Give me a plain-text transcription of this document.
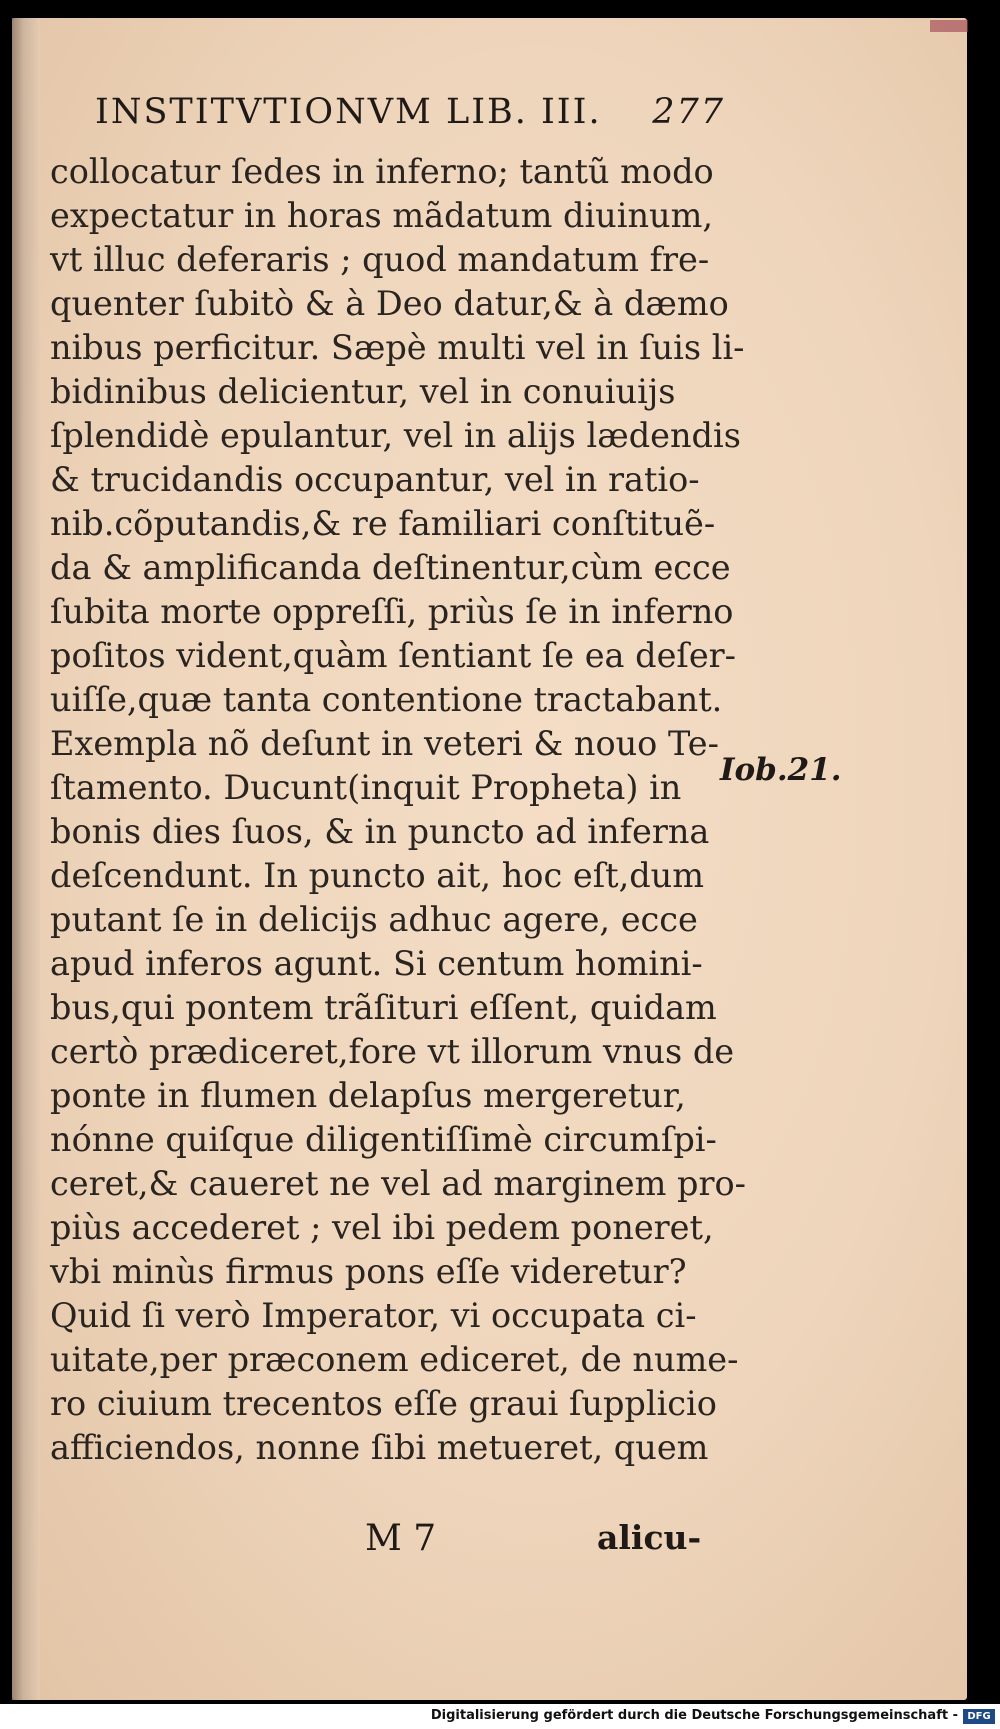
INSTITVTIONVM LIB. III. 277
collocatur ſedes in inferno; tantũ modo
expectatur in horas mãdatum diuinum,
vt illuc deferaris ; quod mandatum fre-
quenter ſubitò & à Deo datur,& à dæmo
nibus perficitur. Sæpè multi vel in ſuis li-
bidinibus delicientur, vel in conuiuijs
ſplendidè epulantur, vel in alijs lædendis
& trucidandis occupantur, vel in ratio-
nib.cõputandis,& re familiari conſtituẽ-
da & amplificanda deſtinentur,cùm ecce
ſubita morte oppreſſi, priùs ſe in inferno
poſitos vident,quàm ſentiant ſe ea deſer-
uiſſe,quæ tanta contentione tractabant.
Exempla nõ deſunt in veteri & nouo Te-
ſtamento. Ducunt(inquit Propheta) in
bonis dies ſuos, & in puncto ad inferna
deſcendunt. In puncto ait, hoc eſt,dum
putant ſe in delicijs adhuc agere, ecce
apud inferos agunt. Si centum homini-
bus,qui pontem trãſituri eſſent, quidam
certò prædiceret,fore vt illorum vnus de
ponte in flumen delapſus mergeretur,
nónne quiſque diligentiſſimè circumſpi-
ceret,& caueret ne vel ad marginem pro-
piùs accederet ; vel ibi pedem poneret,
vbi minùs firmus pons eſſe videretur?
Quid ſi verò Imperator, vi occupata ci-
uitate,per præconem ediceret, de nume-
ro ciuium trecentos eſſe graui ſupplicio
afficiendos, nonne ſibi metueret, quem
Iob.21.
M 7	alicu-
Digitalisierung gefördert durch die Deutsche Forschungsgemeinschaft - DFG
